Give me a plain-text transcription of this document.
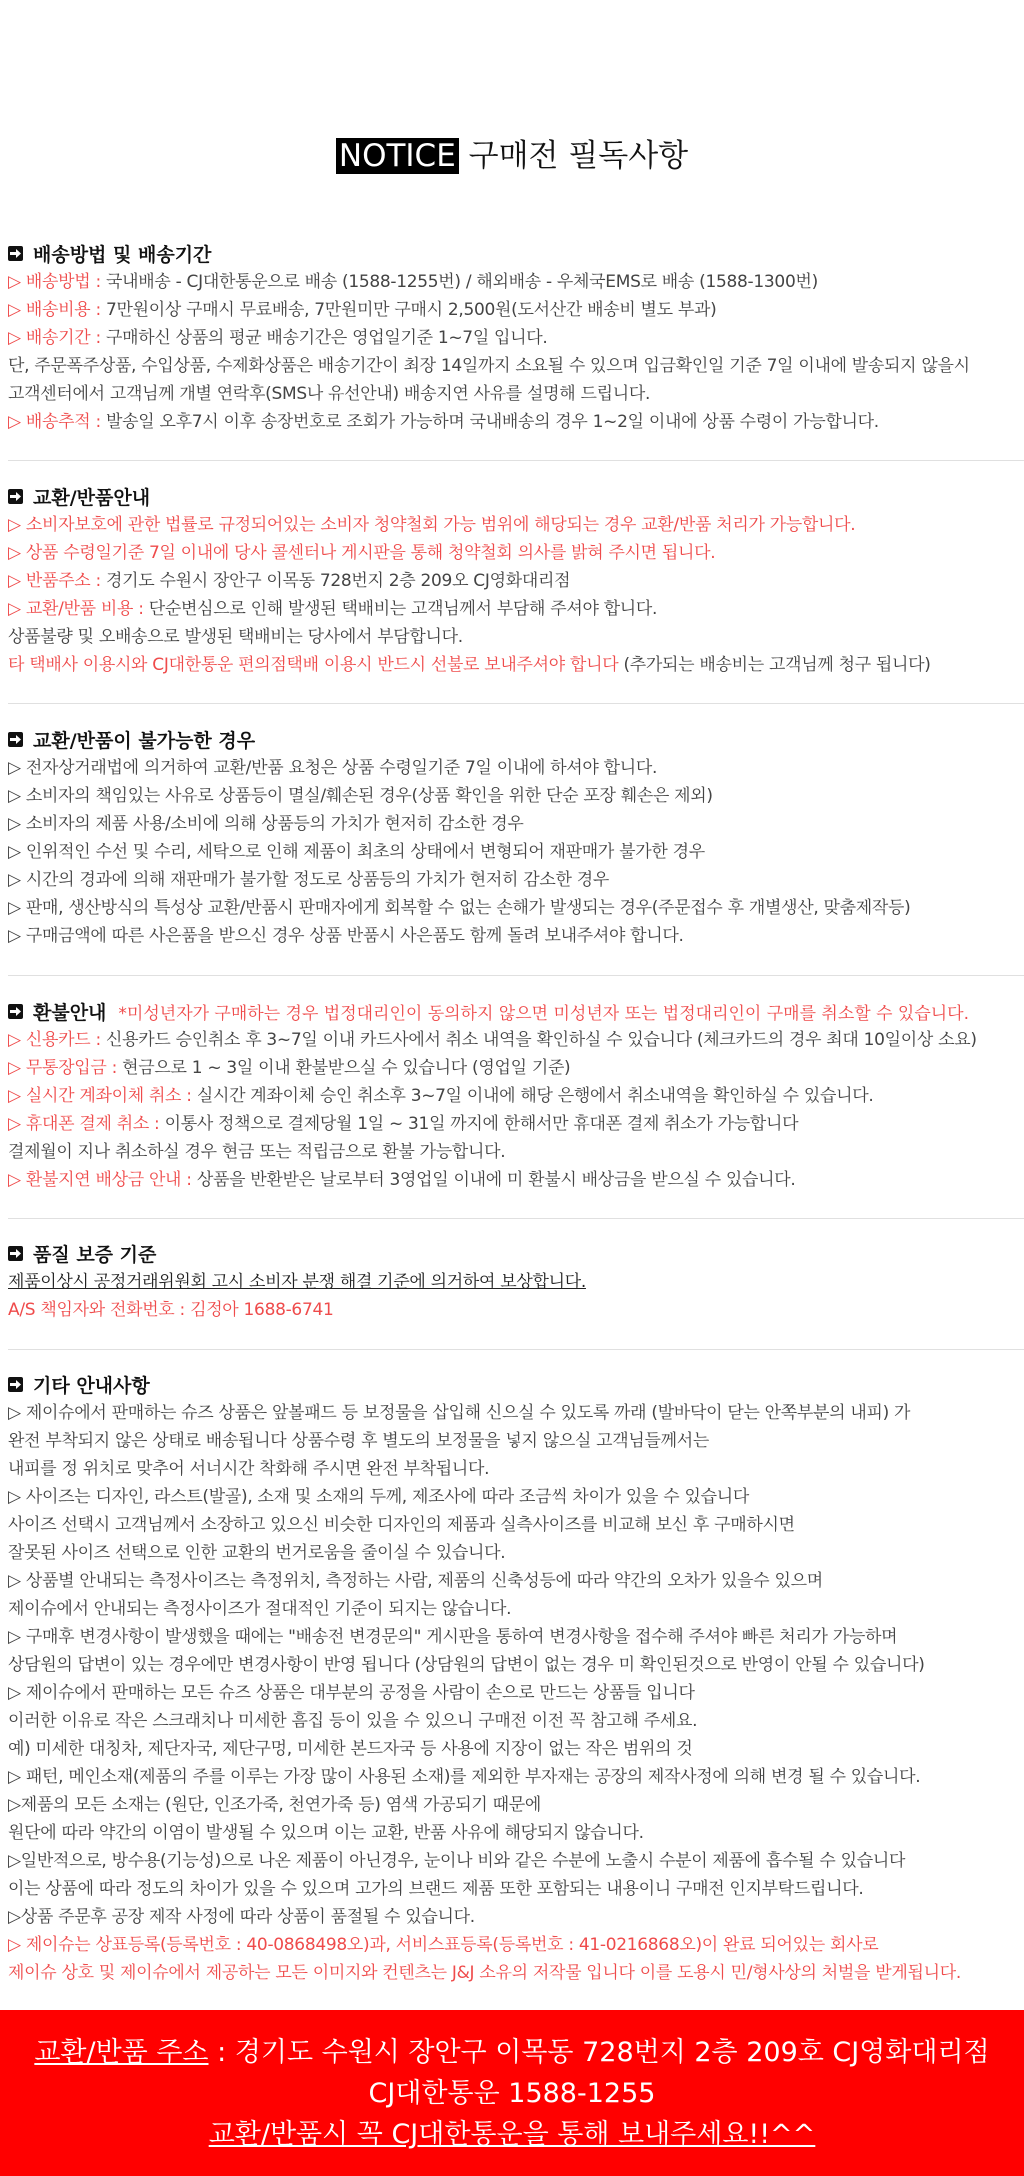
NOTICE 구매전 필독사항
배송방법 및 배송기간
▷ 배송방법 : 국내배송 - CJ대한통운으로 배송 (1588-1255번) / 해외배송 - 우체국EMS로 배송 (1588-1300번)
▷ 배송비용 : 7만원이상 구매시 무료배송, 7만원미만 구매시 2,500원(도서산간 배송비 별도 부과)
▷ 배송기간 : 구매하신 상품의 평균 배송기간은 영업일기준 1~7일 입니다.
단, 주문폭주상품, 수입상품, 수제화상품은 배송기간이 최장 14일까지 소요될 수 있으며 입금확인일 기준 7일 이내에 발송되지 않을시
고객센터에서 고객님께 개별 연락후(SMS나 유선안내) 배송지연 사유를 설명해 드립니다.
▷ 배송추적 : 발송일 오후7시 이후 송장번호로 조회가 가능하며 국내배송의 경우 1~2일 이내에 상품 수령이 가능합니다.
교환/반품안내
▷ 소비자보호에 관한 법률로 규정되어있는 소비자 청약철회 가능 범위에 해당되는 경우 교환/반품 처리가 가능합니다.
▷ 상품 수령일기준 7일 이내에 당사 콜센터나 게시판을 통해 청약철회 의사를 밝혀 주시면 됩니다.
▷ 반품주소 : 경기도 수원시 장안구 이목동 728번지 2층 209오 CJ영화대리점
▷ 교환/반품 비용 : 단순변심으로 인해 발생된 택배비는 고객님께서 부담해 주셔야 합니다.
상품불량 및 오배송으로 발생된 택배비는 당사에서 부담합니다.
타 택배사 이용시와 CJ대한통운 편의점택배 이용시 반드시 선불로 보내주셔야 합니다 (추가되는 배송비는 고객님께 청구 됩니다)
교환/반품이 불가능한 경우
▷ 전자상거래법에 의거하여 교환/반품 요청은 상품 수령일기준 7일 이내에 하셔야 합니다.
▷ 소비자의 책임있는 사유로 상품등이 멸실/훼손된 경우(상품 확인을 위한 단순 포장 훼손은 제외)
▷ 소비자의 제품 사용/소비에 의해 상품등의 가치가 현저히 감소한 경우
▷ 인위적인 수선 및 수리, 세탁으로 인해 제품이 최초의 상태에서 변형되어 재판매가 불가한 경우
▷ 시간의 경과에 의해 재판매가 불가할 정도로 상품등의 가치가 현저히 감소한 경우
▷ 판매, 생산방식의 특성상 교환/반품시 판매자에게 회복할 수 없는 손해가 발생되는 경우(주문접수 후 개별생산, 맞춤제작등)
▷ 구매금액에 따른 사은품을 받으신 경우 상품 반품시 사은품도 함께 돌려 보내주셔야 합니다.
환불안내 *미성년자가 구매하는 경우 법정대리인이 동의하지 않으면 미성년자 또는 법정대리인이 구매를 취소할 수 있습니다.
▷ 신용카드 : 신용카드 승인취소 후 3~7일 이내 카드사에서 취소 내역을 확인하실 수 있습니다 (체크카드의 경우 최대 10일이상 소요)
▷ 무통장입금 : 현금으로 1 ~ 3일 이내 환불받으실 수 있습니다 (영업일 기준)
▷ 실시간 계좌이체 취소 : 실시간 계좌이체 승인 취소후 3~7일 이내에 해당 은행에서 취소내역을 확인하실 수 있습니다.
▷ 휴대폰 결제 취소 : 이통사 정책으로 결제당월 1일 ~ 31일 까지에 한해서만 휴대폰 결제 취소가 가능합니다
결제월이 지나 취소하실 경우 현금 또는 적립금으로 환불 가능합니다.
▷ 환불지연 배상금 안내 : 상품을 반환받은 날로부터 3영업일 이내에 미 환불시 배상금을 받으실 수 있습니다.
품질 보증 기준
제품이상시 공정거래위원회 고시 소비자 분쟁 해결 기준에 의거하여 보상합니다.
A/S 책임자와 전화번호 : 김정아 1688-6741
기타 안내사항
▷ 제이슈에서 판매하는 슈즈 상품은 앞볼패드 등 보정물을 삽입해 신으실 수 있도록 까래 (발바닥이 닫는 안쪽부분의 내피) 가
완전 부착되지 않은 상태로 배송됩니다 상품수령 후 별도의 보정물을 넣지 않으실 고객님들께서는
내피를 정 위치로 맞추어 서너시간 착화해 주시면 완전 부착됩니다.
▷ 사이즈는 디자인, 라스트(발골), 소재 및 소재의 두께, 제조사에 따라 조금씩 차이가 있을 수 있습니다
사이즈 선택시 고객님께서 소장하고 있으신 비슷한 디자인의 제품과 실측사이즈를 비교해 보신 후 구매하시면
잘못된 사이즈 선택으로 인한 교환의 번거로움을 줄이실 수 있습니다.
▷ 상품별 안내되는 측정사이즈는 측정위치, 측정하는 사람, 제품의 신축성등에 따라 약간의 오차가 있을수 있으며
제이슈에서 안내되는 측정사이즈가 절대적인 기준이 되지는 않습니다.
▷ 구매후 변경사항이 발생했을 때에는 "배송전 변경문의" 게시판을 통하여 변경사항을 접수해 주셔야 빠른 처리가 가능하며
상담원의 답변이 있는 경우에만 변경사항이 반영 됩니다 (상담원의 답변이 없는 경우 미 확인된것으로 반영이 안될 수 있습니다)
▷ 제이슈에서 판매하는 모든 슈즈 상품은 대부분의 공정을 사람이 손으로 만드는 상품들 입니다
이러한 이유로 작은 스크래치나 미세한 흠집 등이 있을 수 있으니 구매전 이전 꼭 참고해 주세요.
예) 미세한 대칭차, 제단자국, 제단구멍, 미세한 본드자국 등 사용에 지장이 없는 작은 범위의 것
▷ 패턴, 메인소재(제품의 주를 이루는 가장 많이 사용된 소재)를 제외한 부자재는 공장의 제작사정에 의해 변경 될 수 있습니다.
▷제품의 모든 소재는 (원단, 인조가죽, 천연가죽 등) 염색 가공되기 때문에
원단에 따라 약간의 이염이 발생될 수 있으며 이는 교환, 반품 사유에 해당되지 않습니다.
▷일반적으로, 방수용(기능성)으로 나온 제품이 아닌경우, 눈이나 비와 같은 수분에 노출시 수분이 제품에 흡수될 수 있습니다
이는 상품에 따라 정도의 차이가 있을 수 있으며 고가의 브랜드 제품 또한 포함되는 내용이니 구매전 인지부탁드립니다.
▷상품 주문후 공장 제작 사정에 따라 상품이 품절될 수 있습니다.
▷ 제이슈는 상표등록(등록번호 : 40-0868498오)과, 서비스표등록(등록번호 : 41-0216868오)이 완료 되어있는 회사로
제이슈 상호 및 제이슈에서 제공하는 모든 이미지와 컨텐츠는 J&J 소유의 저작물 입니다 이를 도용시 민/형사상의 처벌을 받게됩니다.
교환/반품 주소 : 경기도 수원시 장안구 이목동 728번지 2층 209호 CJ영화대리점
CJ대한통운 1588-1255
교환/반품시 꼭 CJ대한통운을 통해 보내주세요!!^^
